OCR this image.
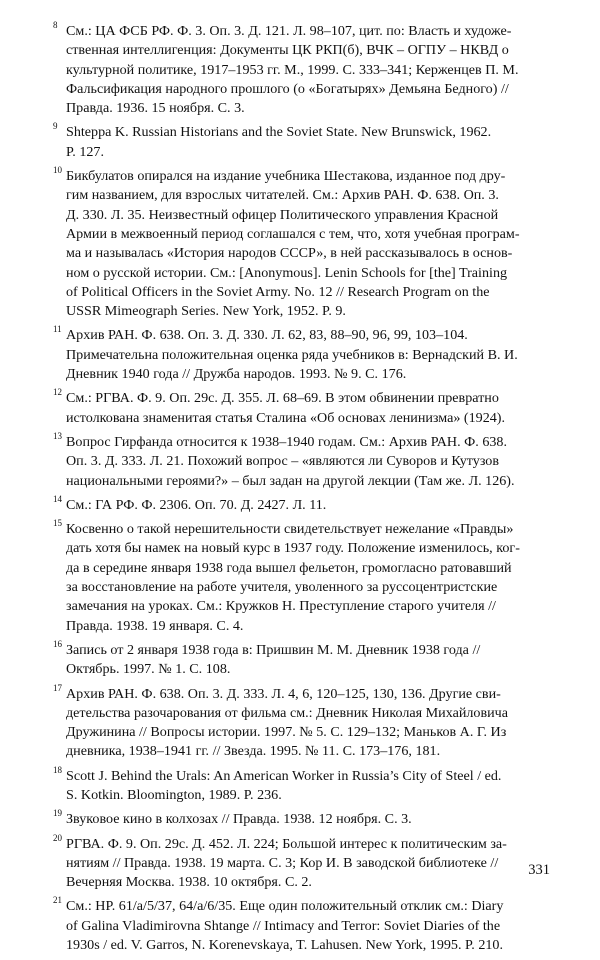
8 См.: ЦА ФСБ РФ. Ф. 3. Оп. 3. Д. 121. Л. 98–107, цит. по: Власть и художе-
ственная интеллигенция: Документы ЦК РКП(б), ВЧК – ОГПУ – НКВД о
культурной политике, 1917–1953 гг. М., 1999. С. 333–341; Керженцев П. М.
Фальсификация народного прошлого (о «Богатырях» Демьяна Бедного) //
Правда. 1936. 15 ноября. С. 3.
9 Shteppa K. Russian Historians and the Soviet State. New Brunswick, 1962.
P. 127.
10 Бикбулатов опирался на издание учебника Шестакова, изданное под дру-
гим названием, для взрослых читателей. См.: Архив РАН. Ф. 638. Оп. 3.
Д. 330. Л. 35. Неизвестный офицер Политического управления Красной
Армии в межвоенный период соглашался с тем, что, хотя учебная програм-
ма и называлась «История народов СССР», в ней рассказывалось в основ-
ном о русской истории. См.: [Anonymous]. Lenin Schools for [the] Training
of Political Officers in the Soviet Army. No. 12 // Research Program on the
USSR Mimeograph Series. New York, 1952. P. 9.
11 Архив РАН. Ф. 638. Оп. 3. Д. 330. Л. 62, 83, 88–90, 96, 99, 103–104.
Примечательна положительная оценка ряда учебников в: Вернадский В. И.
Дневник 1940 года // Дружба народов. 1993. № 9. С. 176.
12 См.: РГВА. Ф. 9. Оп. 29с. Д. 355. Л. 68–69. В этом обвинении превратно
истолкована знаменитая статья Сталина «Об основах ленинизма» (1924).
13 Вопрос Гирфанда относится к 1938–1940 годам. См.: Архив РАН. Ф. 638.
Оп. 3. Д. 333. Л. 21. Похожий вопрос – «являются ли Суворов и Кутузов
национальными героями?» – был задан на другой лекции (Там же. Л. 126).
14 См.: ГА РФ. Ф. 2306. Оп. 70. Д. 2427. Л. 11.
15 Косвенно о такой нерешительности свидетельствует нежелание «Правды»
дать хотя бы намек на новый курс в 1937 году. Положение изменилось, ког-
да в середине января 1938 года вышел фельетон, громогласно ратовавший
за восстановление на работе учителя, уволенного за руссоцентристские
замечания на уроках. См.: Кружков Н. Преступление старого учителя //
Правда. 1938. 19 января. С. 4.
16 Запись от 2 января 1938 года в: Пришвин М. М. Дневник 1938 года //
Октябрь. 1997. № 1. С. 108.
17 Архив РАН. Ф. 638. Оп. 3. Д. 333. Л. 4, 6, 120–125, 130, 136. Другие сви-
детельства разочарования от фильма см.: Дневник Николая Михайловича
Дружинина // Вопросы истории. 1997. № 5. С. 129–132; Маньков А. Г. Из
дневника, 1938–1941 гг. // Звезда. 1995. № 11. С. 173–176, 181.
18 Scott J. Behind the Urals: An American Worker in Russia’s City of Steel / ed.
S. Kotkin. Bloomington, 1989. P. 236.
19 Звуковое кино в колхозах // Правда. 1938. 12 ноября. С. 3.
20 РГВА. Ф. 9. Оп. 29с. Д. 452. Л. 224; Большой интерес к политическим за-
нятиям // Правда. 1938. 19 марта. С. 3; Кор И. В заводской библиотеке //
Вечерняя Москва. 1938. 10 октября. С. 2.
21 См.: HP. 61/a/5/37, 64/a/6/35. Еще один положительный отклик см.: Diary
of Galina Vladimirovna Shtange // Intimacy and Terror: Soviet Diaries of the
1930s / ed. V. Garros, N. Korenevskaya, T. Lahusen. New York, 1995. P. 210.
331
